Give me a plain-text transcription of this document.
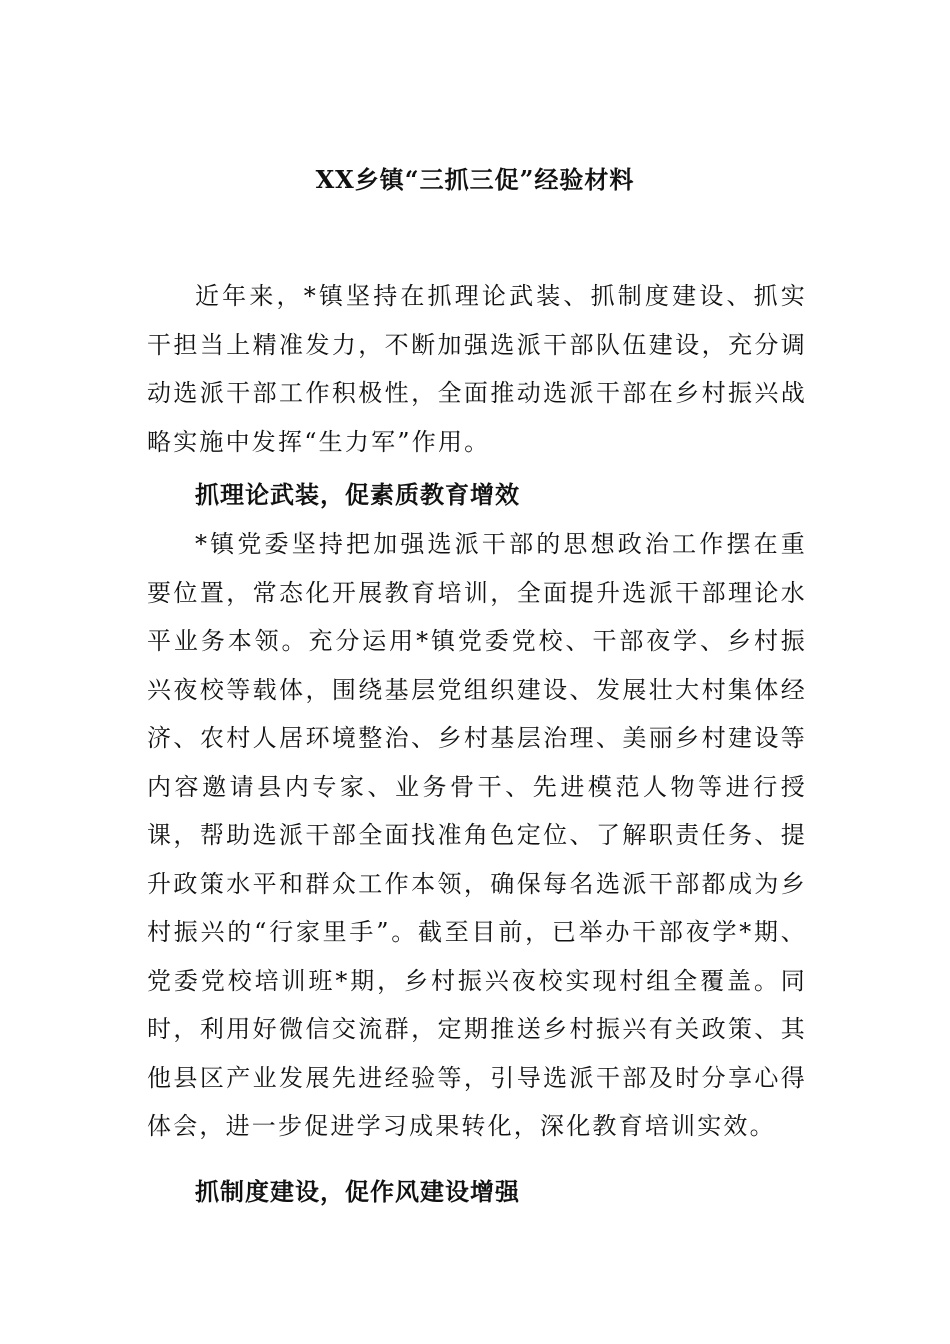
XX乡镇“三抓三促”经验材料
近年来，*镇坚持在抓理论武装、抓制度建设、抓实干担当上精准发力，不断加强选派干部队伍建设，充分调动选派干部工作积极性，全面推动选派干部在乡村振兴战略实施中发挥“生力军”作用。
抓理论武装，促素质教育增效
*镇党委坚持把加强选派干部的思想政治工作摆在重要位置，常态化开展教育培训，全面提升选派干部理论水平业务本领。充分运用*镇党委党校、干部夜学、乡村振兴夜校等载体，围绕基层党组织建设、发展壮大村集体经济、农村人居环境整治、乡村基层治理、美丽乡村建设等内容邀请县内专家、业务骨干、先进模范人物等进行授课，帮助选派干部全面找准角色定位、了解职责任务、提升政策水平和群众工作本领，确保每名选派干部都成为乡村振兴的“行家里手”。截至目前，已举办干部夜学*期、党委党校培训班*期，乡村振兴夜校实现村组全覆盖。同时，利用好微信交流群，定期推送乡村振兴有关政策、其他县区产业发展先进经验等，引导选派干部及时分享心得体会，进一步促进学习成果转化，深化教育培训实效。
抓制度建设，促作风建设增强
